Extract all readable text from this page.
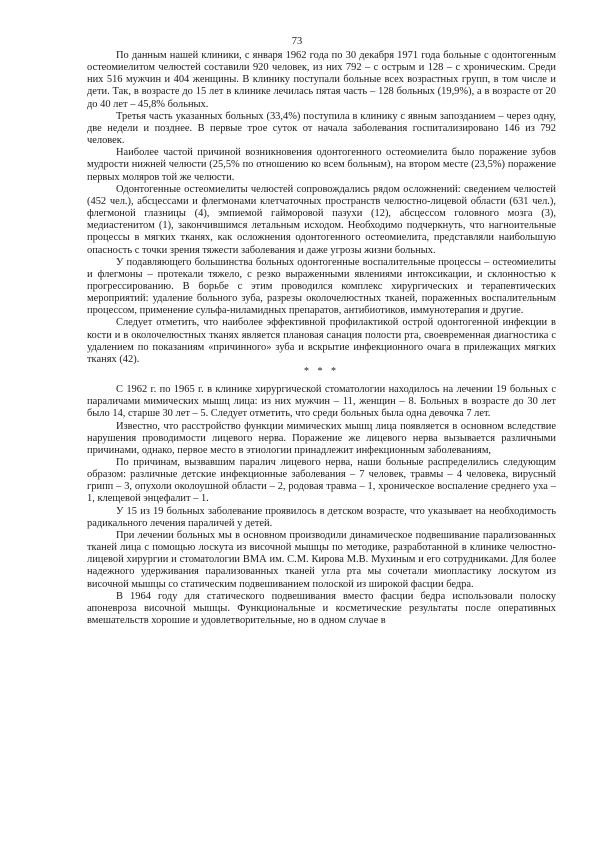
73

По данным нашей клиники, с января 1962 года по 30 декабря 1971 года больные с одонтогенным остеомиелитом челюстей составили 920 человек, из них 792 – с острым и 128 – с хроническим. Среди них 516 мужчин и 404 женщины. В клинику поступали больные всех возрастных групп, в том числе и дети. Так, в возрасте до 15 лет в клинике лечилась пятая часть – 128 больных (19,9%), а в возрасте от 20 до 40 лет – 45,8% больных.

Третья часть указанных больных (33,4%) поступила в клинику с явным запозданием – через одну, две недели и позднее. В первые трое суток от начала заболевания госпитализировано 146 из 792 человек.

Наиболее частой причиной возникновения одонтогенного остеомиелита было поражение зубов мудрости нижней челюсти (25,5% по отношению ко всем больным), на втором месте (23,5%) поражение первых моляров той же челюсти.

Одонтогенные остеомиелиты челюстей сопровождались рядом осложнений: сведением челюстей (452 чел.), абсцессами и флегмонами клетчаточных пространств челюстно-лицевой области (631 чел.), флегмоной глазницы (4), эмпиемой гайморовой пазухи (12), абсцессом головного мозга (3), медиастенитом (1), закончившимся летальным исходом. Необходимо подчеркнуть, что нагноительные процессы в мягких тканях, как осложнения одонтогенного остеомиелита, представляли наибольшую опасность с точки зрения тяжести заболевания и даже угрозы жизни больных.

У подавляющего большинства больных одонтогенные воспалительные процессы – остеомиелиты и флегмоны – протекали тяжело, с резко выраженными явлениями интоксикации, и склонностью к прогрессированию. В борьбе с этим проводился комплекс хирургических и терапевтических мероприятий: удаление больного зуба, разрезы околочелюстных тканей, пораженных воспалительным процессом, применение сульфа-ниламидных препаратов, антибиотиков, иммунотерапия и другие.

Следует отметить, что наиболее эффективной профилактикой острой одонтогенной инфекции в кости и в околочелюстных тканях является плановая санация полости рта, своевременная диагностика с удалением по показаниям «причинного» зуба и вскрытие инфекционного очага в прилежащих мягких тканях (42).

* * *

С 1962 г. по 1965 г. в клинике хирургической стоматологии находилось на лечении 19 больных с параличами мимических мышц лица: из них мужчин – 11, женщин – 8. Больных в возрасте до 30 лет было 14, старше 30 лет – 5. Следует отметить, что среди больных была одна девочка 7 лет.

Известно, что расстройство функции мимических мышц лица появляется в основном вследствие нарушения проводимости лицевого нерва. Поражение же лицевого нерва вызывается различными причинами, однако, первое место в этиологии принадлежит инфекционным заболеваниям,

По причинам, вызвавшим паралич лицевого нерва, наши больные распределились следующим образом: различные детские инфекционные заболевания – 7 человек, травмы – 4 человека, вирусный грипп – 3, опухоли околоушной области – 2, родовая травма – 1, хроническое воспаление среднего уха – 1, клещевой энцефалит – 1.

У 15 из 19 больных заболевание проявилось в детском возрасте, что указывает на необходимость радикального лечения параличей у детей.

При лечении больных мы в основном производили динамическое подвешивание парализованных тканей лица с помощью лоскута из височной мышцы по методике, разработанной в клинике челюстно-лицевой хирургии и стоматологии ВМА им. С.М. Кирова М.В. Мухиным и его сотрудниками. Для более надежного удерживания парализованных тканей угла рта мы сочетали миопластику лоскутом из височной мышцы со статическим подвешиванием полоской из широкой фасции бедра.

В 1964 году для статического подвешивания вместо фасции бедра использовали полоску апоневроза височной мышцы. Функциональные и косметические результаты после оперативных вмешательств хорошие и удовлетворительные, но в одном случае в
